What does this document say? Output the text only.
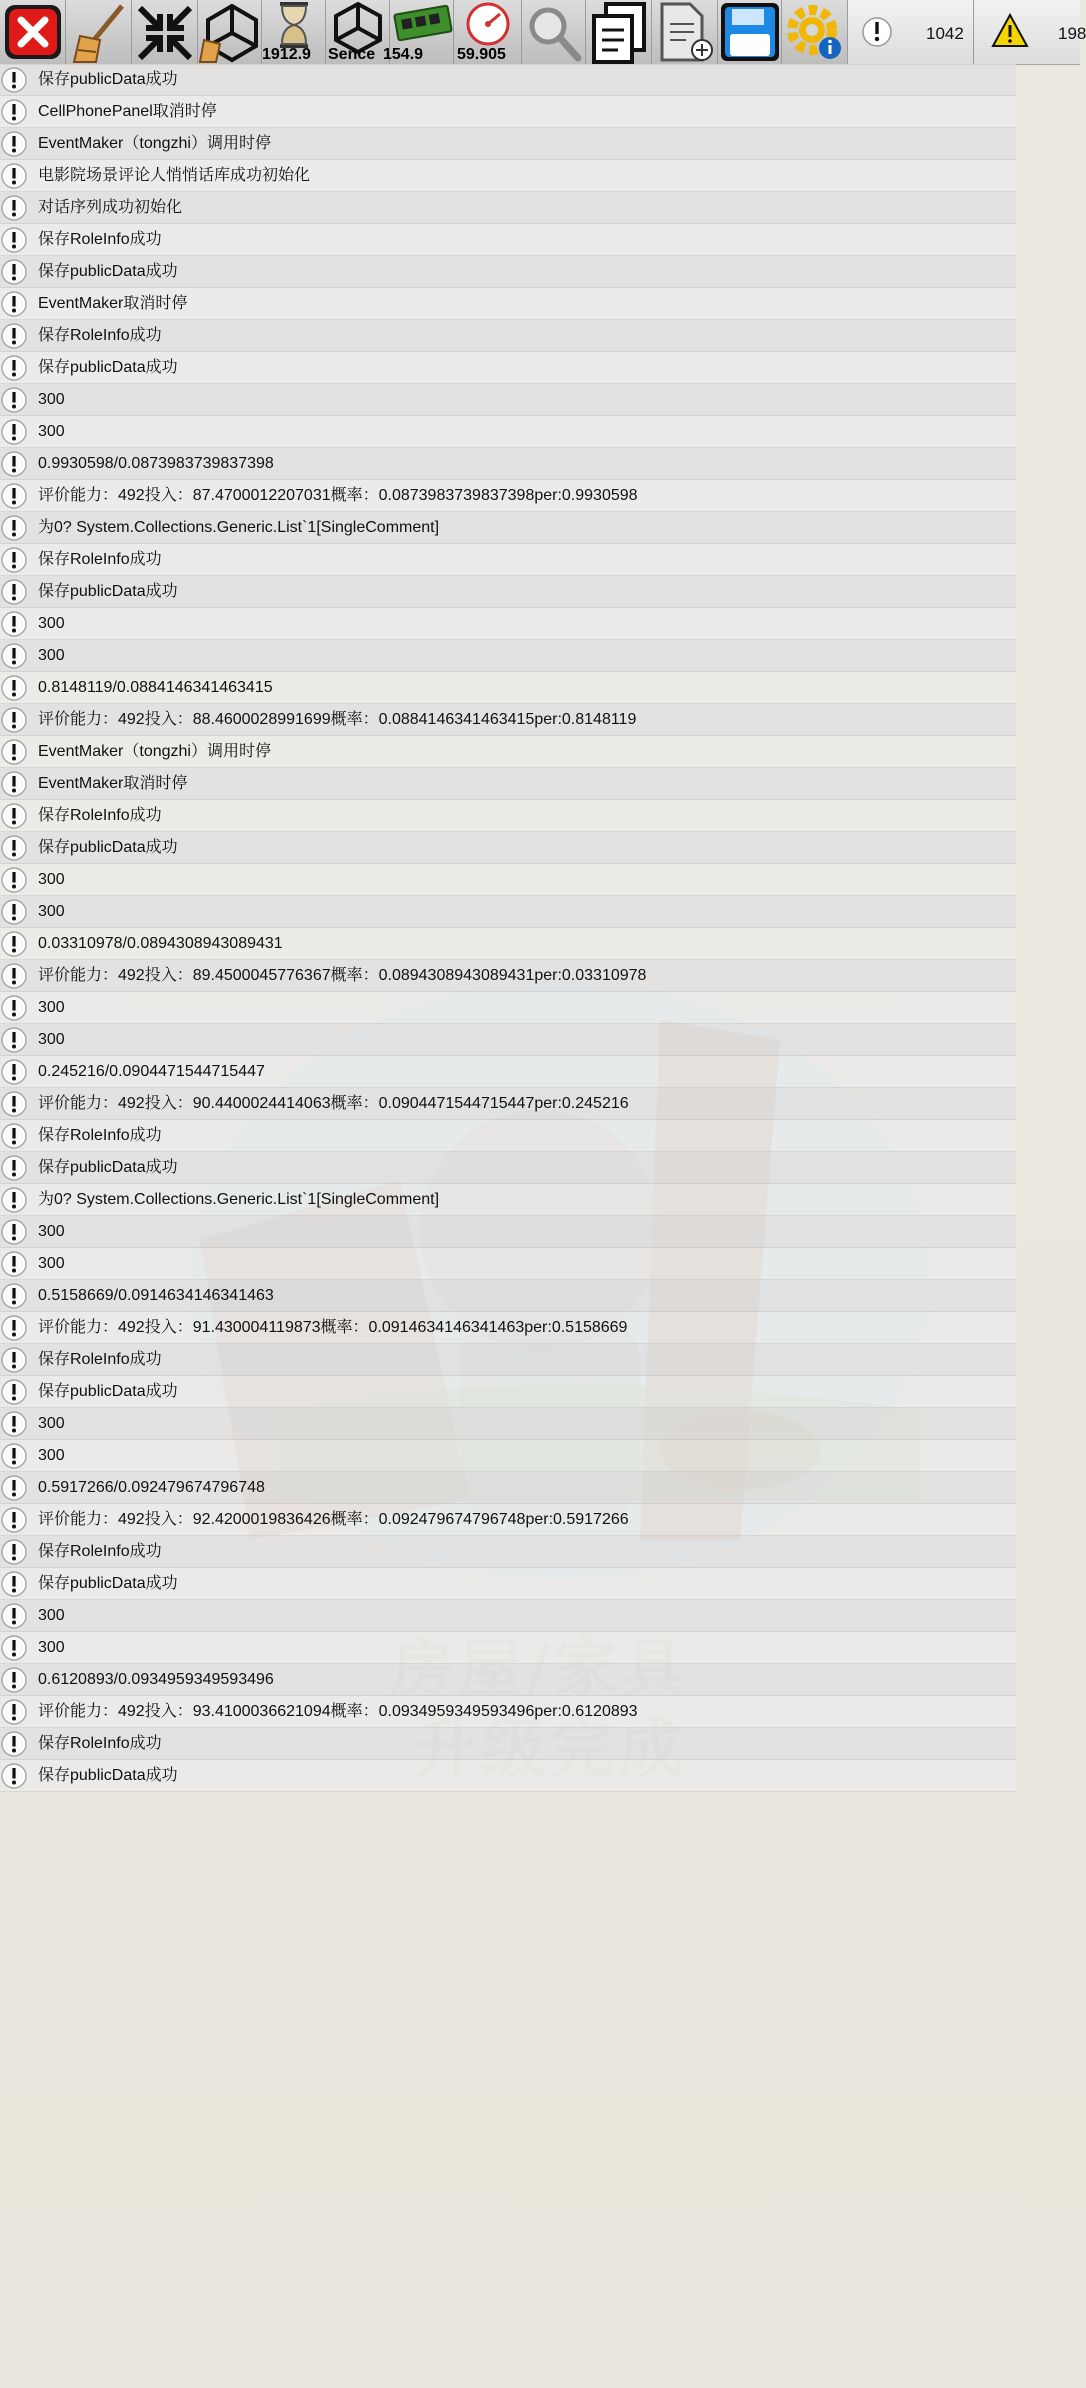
1912.9 Sence 154.9 59.905
1042	198
保存publicData成功
CellPhonePanel取消时停
EventMaker（tongzhi）调用时停
电影院场景评论人悄悄话库成功初始化
对话序列成功初始化
保存RoleInfo成功
保存publicData成功
EventMaker取消时停
保存RoleInfo成功
保存publicData成功
300
300
0.9930598/0.0873983739837398
评价能力：492投入：87.4700012207031概率：0.0873983739837398per:0.9930598
为0? System.Collections.Generic.List`1[SingleComment]
保存RoleInfo成功
保存publicData成功
300
300
0.8148119/0.0884146341463415
评价能力：492投入：88.4600028991699概率：0.0884146341463415per:0.8148119
EventMaker（tongzhi）调用时停
EventMaker取消时停
保存RoleInfo成功
保存publicData成功
300
300
0.03310978/0.0894308943089431
评价能力：492投入：89.4500045776367概率：0.0894308943089431per:0.03310978
300
300
0.245216/0.0904471544715447
评价能力：492投入：90.4400024414063概率：0.0904471544715447per:0.245216
保存RoleInfo成功
保存publicData成功
为0? System.Collections.Generic.List`1[SingleComment]
300
300
0.5158669/0.0914634146341463
评价能力：492投入：91.430004119873概率：0.0914634146341463per:0.5158669
保存RoleInfo成功
保存publicData成功
300
300
0.5917266/0.092479674796748
评价能力：492投入：92.4200019836426概率：0.092479674796748per:0.5917266
保存RoleInfo成功
保存publicData成功
300
300
0.6120893/0.0934959349593496
评价能力：492投入：93.4100036621094概率：0.0934959349593496per:0.6120893
保存RoleInfo成功
保存publicData成功
